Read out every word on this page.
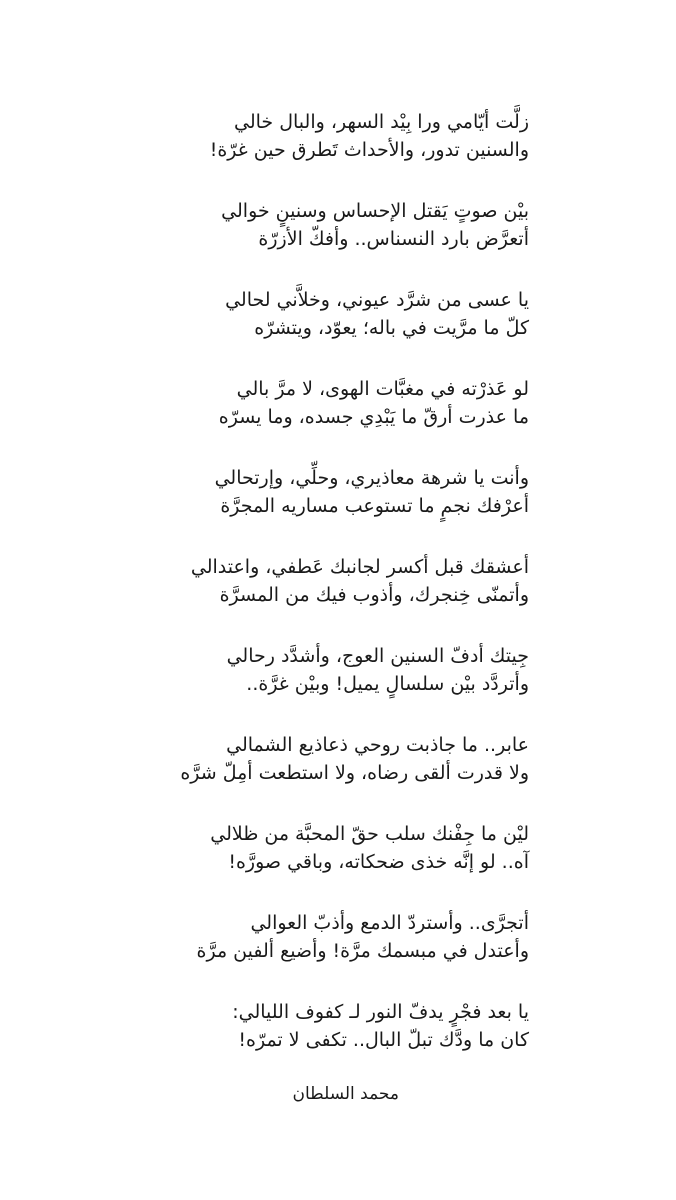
زلَّت أيّامي ورا بِيْد السهر، والبال خالي
والسنين تدور، والأحداث تَطرق حين غرّة!
بيْن صوتٍ يَقتل الإحساس وسنينٍ خوالي
أتعرَّض بارد النسناس.. وأفكّ الأزرّة
يا عسى من شرَّد عيوني، وخلاَّني لحالي
كلّ ما مرَّيت في باله؛ يعوّد، ويتشرّه
لو عَذرْته في مغبَّات الهوى، لا مرَّ بالي
ما عذرت أرقّ ما يَبْدِي جسده، وما يسرّه
وأنت يا شرهة معاذيري، وحلِّي، وإرتحالي
أعرْفك نجمٍ ما تستوعب مساريه المجرَّة
أعشقك قبل أكسر لجانبك عَطفي، واعتدالي
وأتمنّى خِنجرك، وأذوب فيك من المسرَّة
جِيتك أدفّ السنين العوج، وأشدَّد رحالي
وأتردَّد بيْن سلسالٍ يميل! وبيْن غرَّة..
عابر.. ما جاذبت روحي ذعاذيع الشمالي
ولا قدرت ألقى رضاه، ولا استطعت أمِلّ شرَّه
ليْن ما جِفْنك سلب حقّ المحبَّة من ظلالي
آه.. لو إنَّه خذى ضحكاته، وباقي صورَّه!
أتجرَّى.. وأستردّ الدمع وأذبّ العوالي
وأعتدل في مبسمك مرَّة! وأضيع ألفين مرَّة
يا بعد فجْرٍ يدفّ النور لـ كفوف الليالي:
كان ما ودَّك تبلّ البال.. تكفى لا تمرّه!
محمد السلطان
